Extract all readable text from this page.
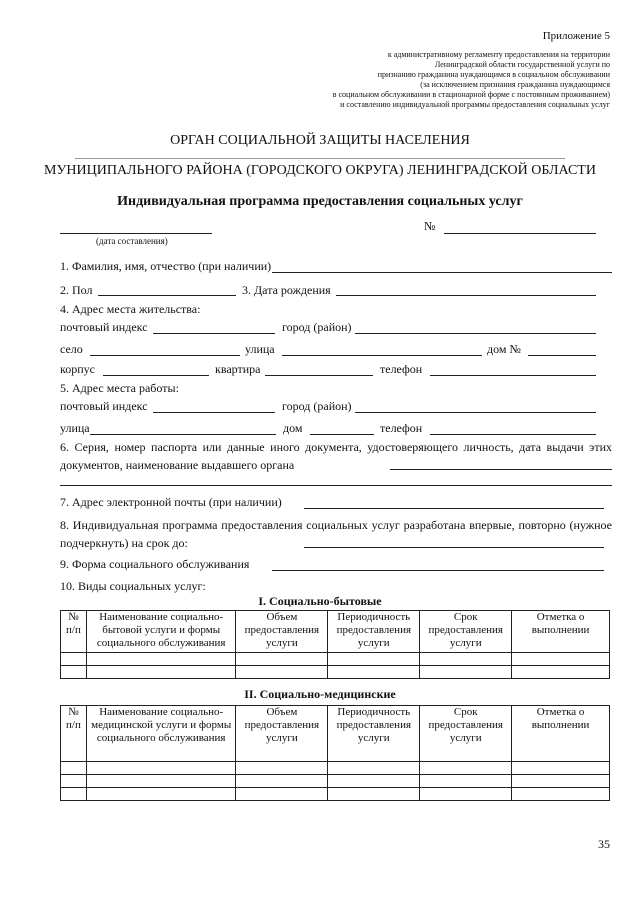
Приложение 5
к административному регламенту предоставления на территории
Ленинградской области государственной услуги по
признанию гражданина нуждающимся в социальном обслуживании
(за исключением признания гражданина нуждающимся
в социальном обслуживании в стационарной форме с постоянным проживанием)
и составлению индивидуальной программы предоставления социальных услуг
ОРГАН СОЦИАЛЬНОЙ ЗАЩИТЫ НАСЕЛЕНИЯ
МУНИЦИПАЛЬНОГО РАЙОНА (ГОРОДСКОГО ОКРУГА) ЛЕНИНГРАДСКОЙ ОБЛАСТИ
Индивидуальная программа предоставления социальных услуг
(дата составления)
№
1. Фамилия, имя, отчество (при наличии)
2. Пол	3. Дата рождения
4. Адрес места жительства:
почтовый индекс	город (район)
село	улица	дом №
корпус	квартира	телефон
5. Адрес места работы:
почтовый индекс	город (район)
улица	дом	телефон
6. Серия, номер паспорта или данные иного документа, удостоверяющего личность, дата выдачи этих документов, наименование выдавшего органа
7. Адрес электронной почты (при наличии)
8. Индивидуальная программа предоставления социальных услуг разработана впервые, повторно (нужное подчеркнуть) на срок до:
9. Форма социального обслуживания
10. Виды социальных услуг:
I. Социально-бытовые
№ п/п	Наименование социально-бытовой услуги и формы социального обслуживания	Объем предоставления услуги	Периодичность предоставления услуги	Срок предоставления услуги	Отметка о выполнении

II. Социально-медицинские
№ п/п	Наименование социально-медицинской услуги и формы социального обслуживания	Объем предоставления услуги	Периодичность предоставления услуги	Срок предоставления услуги	Отметка о выполнении

35
